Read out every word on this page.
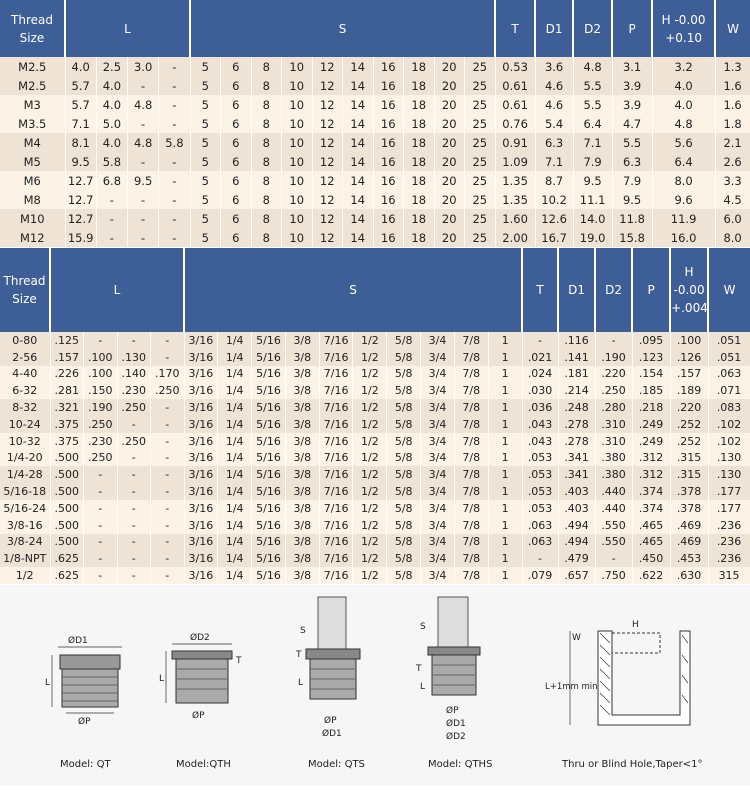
Thread Size	L				S										T	D1	D2	P	H -0.00 +0.10	W
M2.5	4.0	2.5	3.0	-	5	6	8	10	12	14	16	18	20	25	0.53	3.6	4.8	3.1	3.2	1.3
M2.5	5.7	4.0	-	-	5	6	8	10	12	14	16	18	20	25	0.61	4.6	5.5	3.9	4.0	1.6
M3	5.7	4.0	4.8	-	5	6	8	10	12	14	16	18	20	25	0.61	4.6	5.5	3.9	4.0	1.6
M3.5	7.1	5.0	-	-	5	6	8	10	12	14	16	18	20	25	0.76	5.4	6.4	4.7	4.8	1.8
M4	8.1	4.0	4.8	5.8	5	6	8	10	12	14	16	18	20	25	0.91	6.3	7.1	5.5	5.6	2.1
M5	9.5	5.8	-	-	5	6	8	10	12	14	16	18	20	25	1.09	7.1	7.9	6.3	6.4	2.6
M6	12.7	6.8	9.5	-	5	6	8	10	12	14	16	18	20	25	1.35	8.7	9.5	7.9	8.0	3.3
M8	12.7	-	-	-	5	6	8	10	12	14	16	18	20	25	1.35	10.2	11.1	9.5	9.6	4.5
M10	12.7	-	-	-	5	6	8	10	12	14	16	18	20	25	1.60	12.6	14.0	11.8	11.9	6.0
M12	15.9	-	-	-	5	6	8	10	12	14	16	18	20	25	2.00	16.7	19.0	15.8	16.0	8.0
Thread Size	L				S										T	D1	D2	P	H -0.00 +.004	W
0-80	.125	-	-	-	3/16	1/4	5/16	3/8	7/16	1/2	5/8	3/4	7/8	1	-	.116	-	.095	.100	.051
2-56	.157	.100	.130	-	3/16	1/4	5/16	3/8	7/16	1/2	5/8	3/4	7/8	1	.021	.141	.190	.123	.126	.051
4-40	.226	.100	.140	.170	3/16	1/4	5/16	3/8	7/16	1/2	5/8	3/4	7/8	1	.024	.181	.220	.154	.157	.063
6-32	.281	.150	.230	.250	3/16	1/4	5/16	3/8	7/16	1/2	5/8	3/4	7/8	1	.030	.214	.250	.185	.189	.071
8-32	.321	.190	.250	-	3/16	1/4	5/16	3/8	7/16	1/2	5/8	3/4	7/8	1	.036	.248	.280	.218	.220	.083
10-24	.375	.250	-	-	3/16	1/4	5/16	3/8	7/16	1/2	5/8	3/4	7/8	1	.043	.278	.310	.249	.252	.102
10-32	.375	.230	.250	-	3/16	1/4	5/16	3/8	7/16	1/2	5/8	3/4	7/8	1	.043	.278	.310	.249	.252	.102
1/4-20	.500	.250	-	-	3/16	1/4	5/16	3/8	7/16	1/2	5/8	3/4	7/8	1	.053	.341	.380	.312	.315	.130
1/4-28	.500	-	-	-	3/16	1/4	5/16	3/8	7/16	1/2	5/8	3/4	7/8	1	.053	.341	.380	.312	.315	.130
5/16-18	.500	-	-	-	3/16	1/4	5/16	3/8	7/16	1/2	5/8	3/4	7/8	1	.053	.403	.440	.374	.378	.177
5/16-24	.500	-	-	-	3/16	1/4	5/16	3/8	7/16	1/2	5/8	3/4	7/8	1	.053	.403	.440	.374	.378	.177
3/8-16	.500	-	-	-	3/16	1/4	5/16	3/8	7/16	1/2	5/8	3/4	7/8	1	.063	.494	.550	.465	.469	.236
3/8-24	.500	-	-	-	3/16	1/4	5/16	3/8	7/16	1/2	5/8	3/4	7/8	1	.063	.494	.550	.465	.469	.236
1/8-NPT	.625	-	-	-	3/16	1/4	5/16	3/8	7/16	1/2	5/8	3/4	7/8	1	-	.479	-	.450	.453	.236
1/2	.625	-	-	-	3/16	1/4	5/16	3/8	7/16	1/2	5/8	3/4	7/8	1	.079	.657	.750	.622	.630	315
ØD1
L
ØP
Model: QT
ØD2
T
L
ØP
Model:QTH
S
T
L
ØP
ØD1
Model: QTS
S
T
L
ØP
ØD1
ØD2
Model: QTHS
W
H
L+1mm min
Thru or Blind Hole,Taper<1°
